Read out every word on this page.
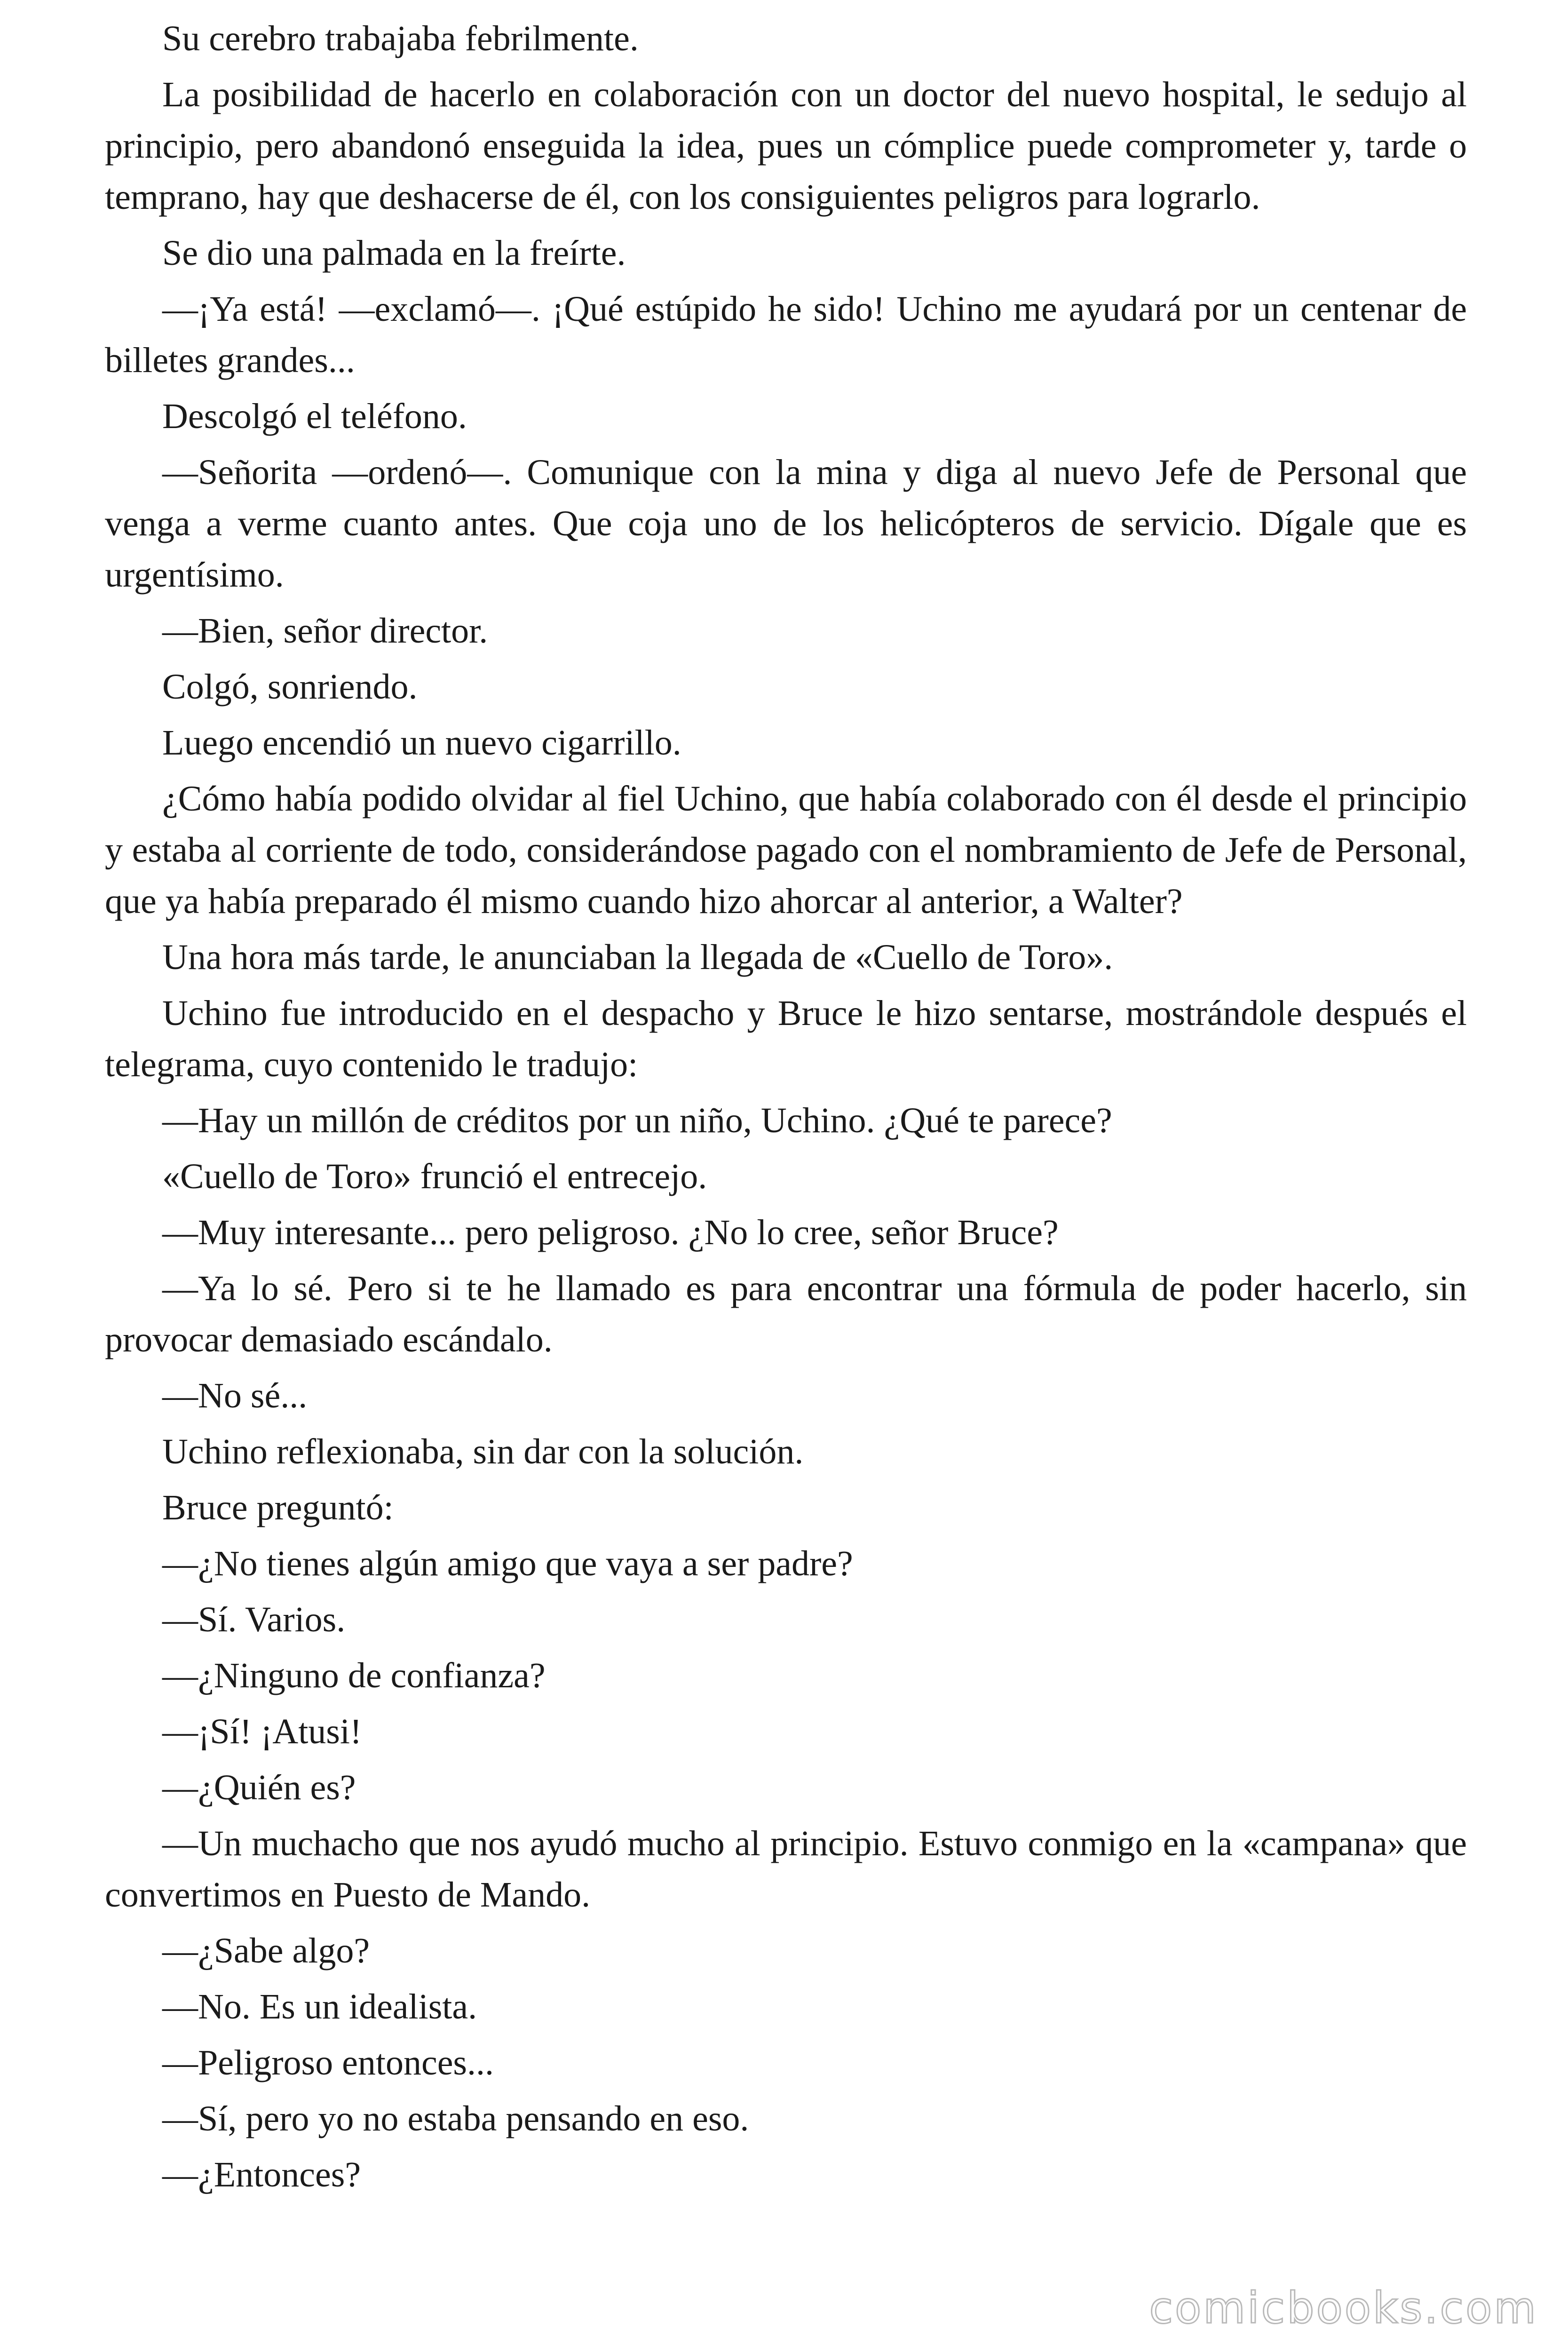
Su cerebro trabajaba febrilmente.

La posibilidad de hacerlo en colaboración con un doctor del nuevo hospital, le sedujo al principio, pero abandonó enseguida la idea, pues un cómplice puede comprometer y, tarde o temprano, hay que deshacerse de él, con los consiguientes peligros para lograrlo.

Se dio una palmada en la freírte.

—¡Ya está! —exclamó—. ¡Qué estúpido he sido! Uchino me ayudará por un centenar de billetes grandes...

Descolgó el teléfono.

—Señorita —ordenó—. Comunique con la mina y diga al nuevo Jefe de Personal que venga a verme cuanto antes. Que coja uno de los helicópteros de servicio. Dígale que es urgentísimo.

—Bien, señor director.

Colgó, sonriendo.

Luego encendió un nuevo cigarrillo.

¿Cómo había podido olvidar al fiel Uchino, que había colaborado con él desde el principio y estaba al corriente de todo, considerándose pagado con el nombramiento de Jefe de Personal, que ya había preparado él mismo cuando hizo ahorcar al anterior, a Walter?

Una hora más tarde, le anunciaban la llegada de «Cuello de Toro».

Uchino fue introducido en el despacho y Bruce le hizo sentarse, mostrándole después el telegrama, cuyo contenido le tradujo:

—Hay un millón de créditos por un niño, Uchino. ¿Qué te parece?

«Cuello de Toro» frunció el entrecejo.

—Muy interesante... pero peligroso. ¿No lo cree, señor Bruce?

—Ya lo sé. Pero si te he llamado es para encontrar una fórmula de poder hacerlo, sin provocar demasiado escándalo.

—No sé...

Uchino reflexionaba, sin dar con la solución.

Bruce preguntó:

—¿No tienes algún amigo que vaya a ser padre?

—Sí. Varios.

—¿Ninguno de confianza?

—¡Sí! ¡Atusi!

—¿Quién es?

—Un muchacho que nos ayudó mucho al principio. Estuvo conmigo en la «campana» que convertimos en Puesto de Mando.

—¿Sabe algo?

—No. Es un idealista.

—Peligroso entonces...

—Sí, pero yo no estaba pensando en eso.

—¿Entonces?

comicbooks.com
